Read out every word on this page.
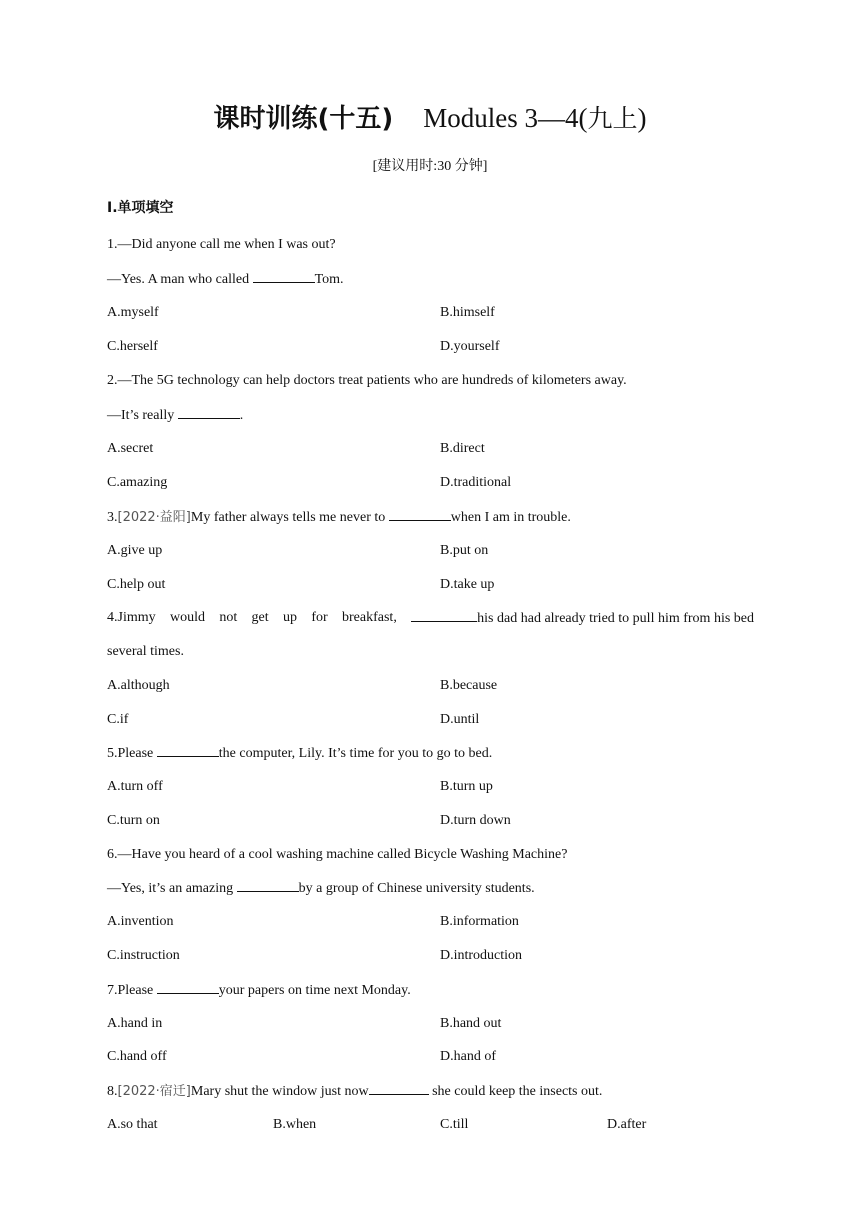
课时训练(十五) Modules 3—4(九上)
[建议用时:30 分钟]
Ⅰ.单项填空
1.—Did anyone call me when I was out?
—Yes. A man who called	Tom.
A.myself	B.himself
C.herself	D.yourself
2.—The 5G technology can help doctors treat patients who are hundreds of kilometers away.
—It’s really	.
A.secret	B.direct
C.amazing	D.traditional
3.[2022·益阳]My father always tells me never to	when I am in trouble.
A.give up	B.put on
C.help out	D.take up
4.Jimmy would not get up for breakfast,	his dad had already tried to pull him from his bed
several times.
A.although	B.because
C.if	D.until
5.Please	the computer, Lily. It’s time for you to go to bed.
A.turn off	B.turn up
C.turn on	D.turn down
6.—Have you heard of a cool washing machine called Bicycle Washing Machine?
—Yes, it’s an amazing	by a group of Chinese university students.
A.invention	B.information
C.instruction	D.introduction
7.Please	your papers on time next Monday.
A.hand in	B.hand out
C.hand off	D.hand of
8.[2022·宿迁]Mary shut the window just now	she could keep the insects out.
A.so that	B.when	C.till	D.after
